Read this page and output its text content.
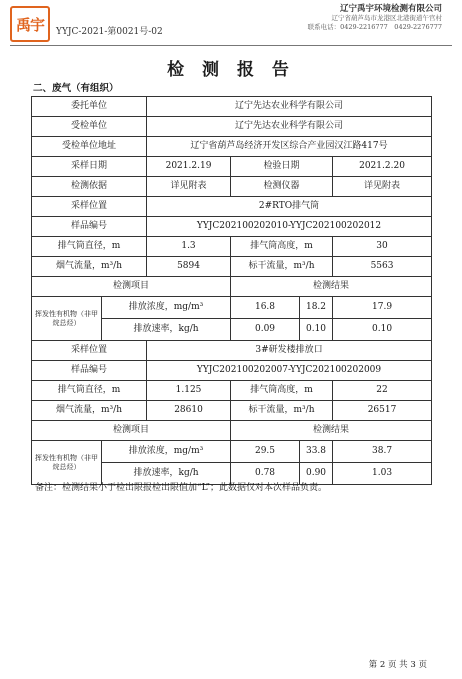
禹宇	YYJC-2021-第0021号-02
辽宁禹宇环境检测有限公司
辽宁省葫芦岛市龙港区北港街道午官村
联系电话：0429-2216777　0429-2276777
检 测 报 告
二、废气（有组织）
委托单位		辽宁先达农业科学有限公司			
受检单位		辽宁先达农业科学有限公司			
受检单位地址		辽宁省葫芦岛经济开发区综合产业园汉江路417号			
采样日期		2021.2.19	检验日期		2021.2.20
检测依据		详见附表	检测仪器		详见附表
采样位置		2#RTO排气筒			
样品编号		YYJC202100202010-YYJC202100202012			
排气筒直径，m		1.3	排气筒高度，m		30
烟气流量，m³/h		5894	标干流量，m³/h		5563
检测项目			检测结果		
挥发性有机物（非甲烷总烃）	排放浓度，mg/m³		16.8	18.2	17.9
	排放速率，kg/h		0.09	0.10	0.10
采样位置		3#研发楼排放口			
样品编号		YYJC202100202007-YYJC202100202009			
排气筒直径，m		1.125	排气筒高度，m		22
烟气流量，m³/h		28610	标干流量，m³/h		26517
检测项目			检测结果		
挥发性有机物（非甲烷总烃）	排放浓度，mg/m³		29.5	33.8	38.7
	排放速率，kg/h		0.78	0.90	1.03
备注：检测结果小于检出限报检出限值加“L”；此数据仅对本次样品负责。
第 2 页 共 3 页
